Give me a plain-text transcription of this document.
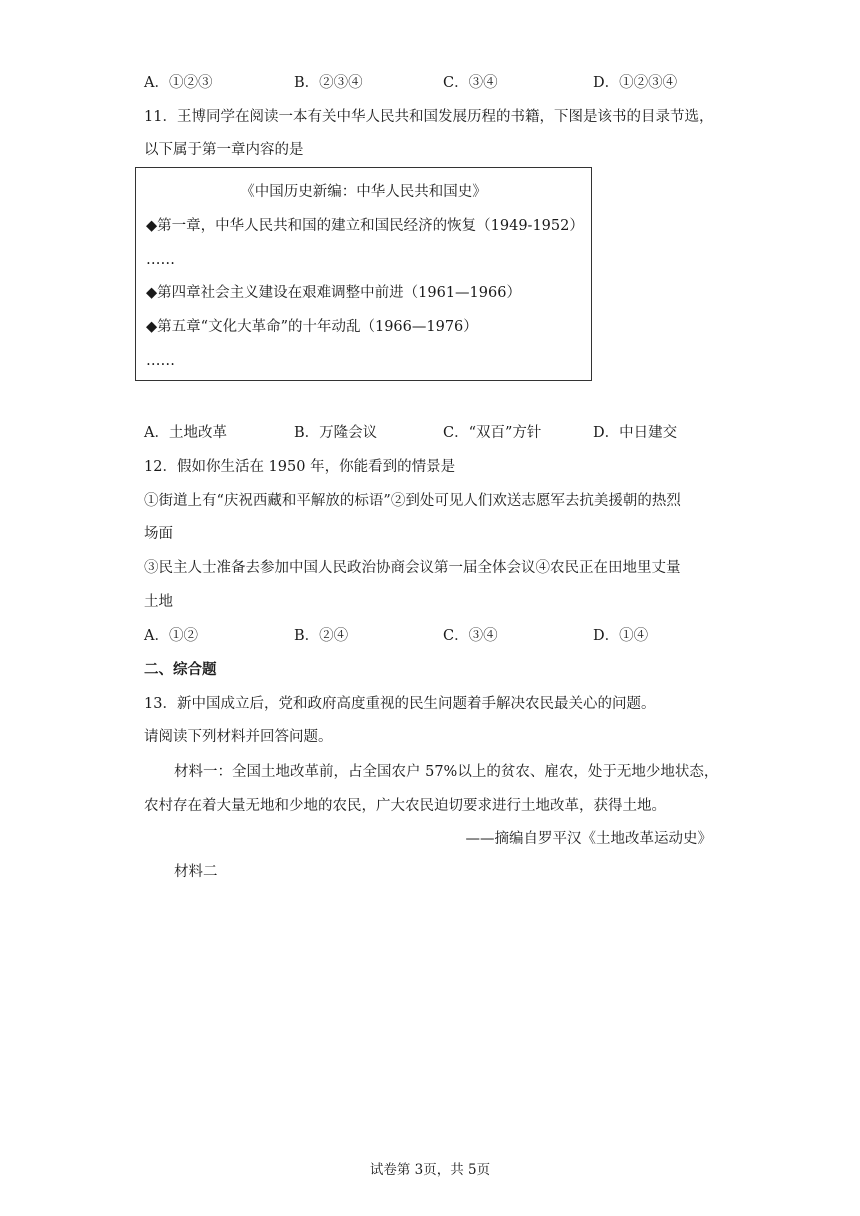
A．①②③	B．②③④	C．③④	D．①②③④
11．王博同学在阅读一本有关中华人民共和国发展历程的书籍，下图是该书的目录节选，
以下属于第一章内容的是
《中国历史新编：中华人民共和国史》
◆第一章，中华人民共和国的建立和国民经济的恢复（1949-1952）
……
◆第四章社会主义建设在艰难调整中前进（1961—1966）
◆第五章“文化大革命”的十年动乱（1966—1976）
……
A．土地改革	B．万隆会议	C．“双百”方针	D．中日建交
12．假如你生活在 1950 年，你能看到的情景是
①街道上有“庆祝西藏和平解放的标语”②到处可见人们欢送志愿军去抗美援朝的热烈
场面
③民主人士准备去参加中国人民政治协商会议第一届全体会议④农民正在田地里丈量
土地
A．①②	B．②④	C．③④	D．①④
二、综合题
13．新中国成立后，党和政府高度重视的民生问题着手解决农民最关心的问题。
请阅读下列材料并回答问题。
材料一：全国土地改革前，占全国农户 57%以上的贫农、雇农，处于无地少地状态，
农村存在着大量无地和少地的农民，广大农民迫切要求进行土地改革，获得土地。
——摘编自罗平汉《土地改革运动史》
材料二
试卷第 3页，共 5页
